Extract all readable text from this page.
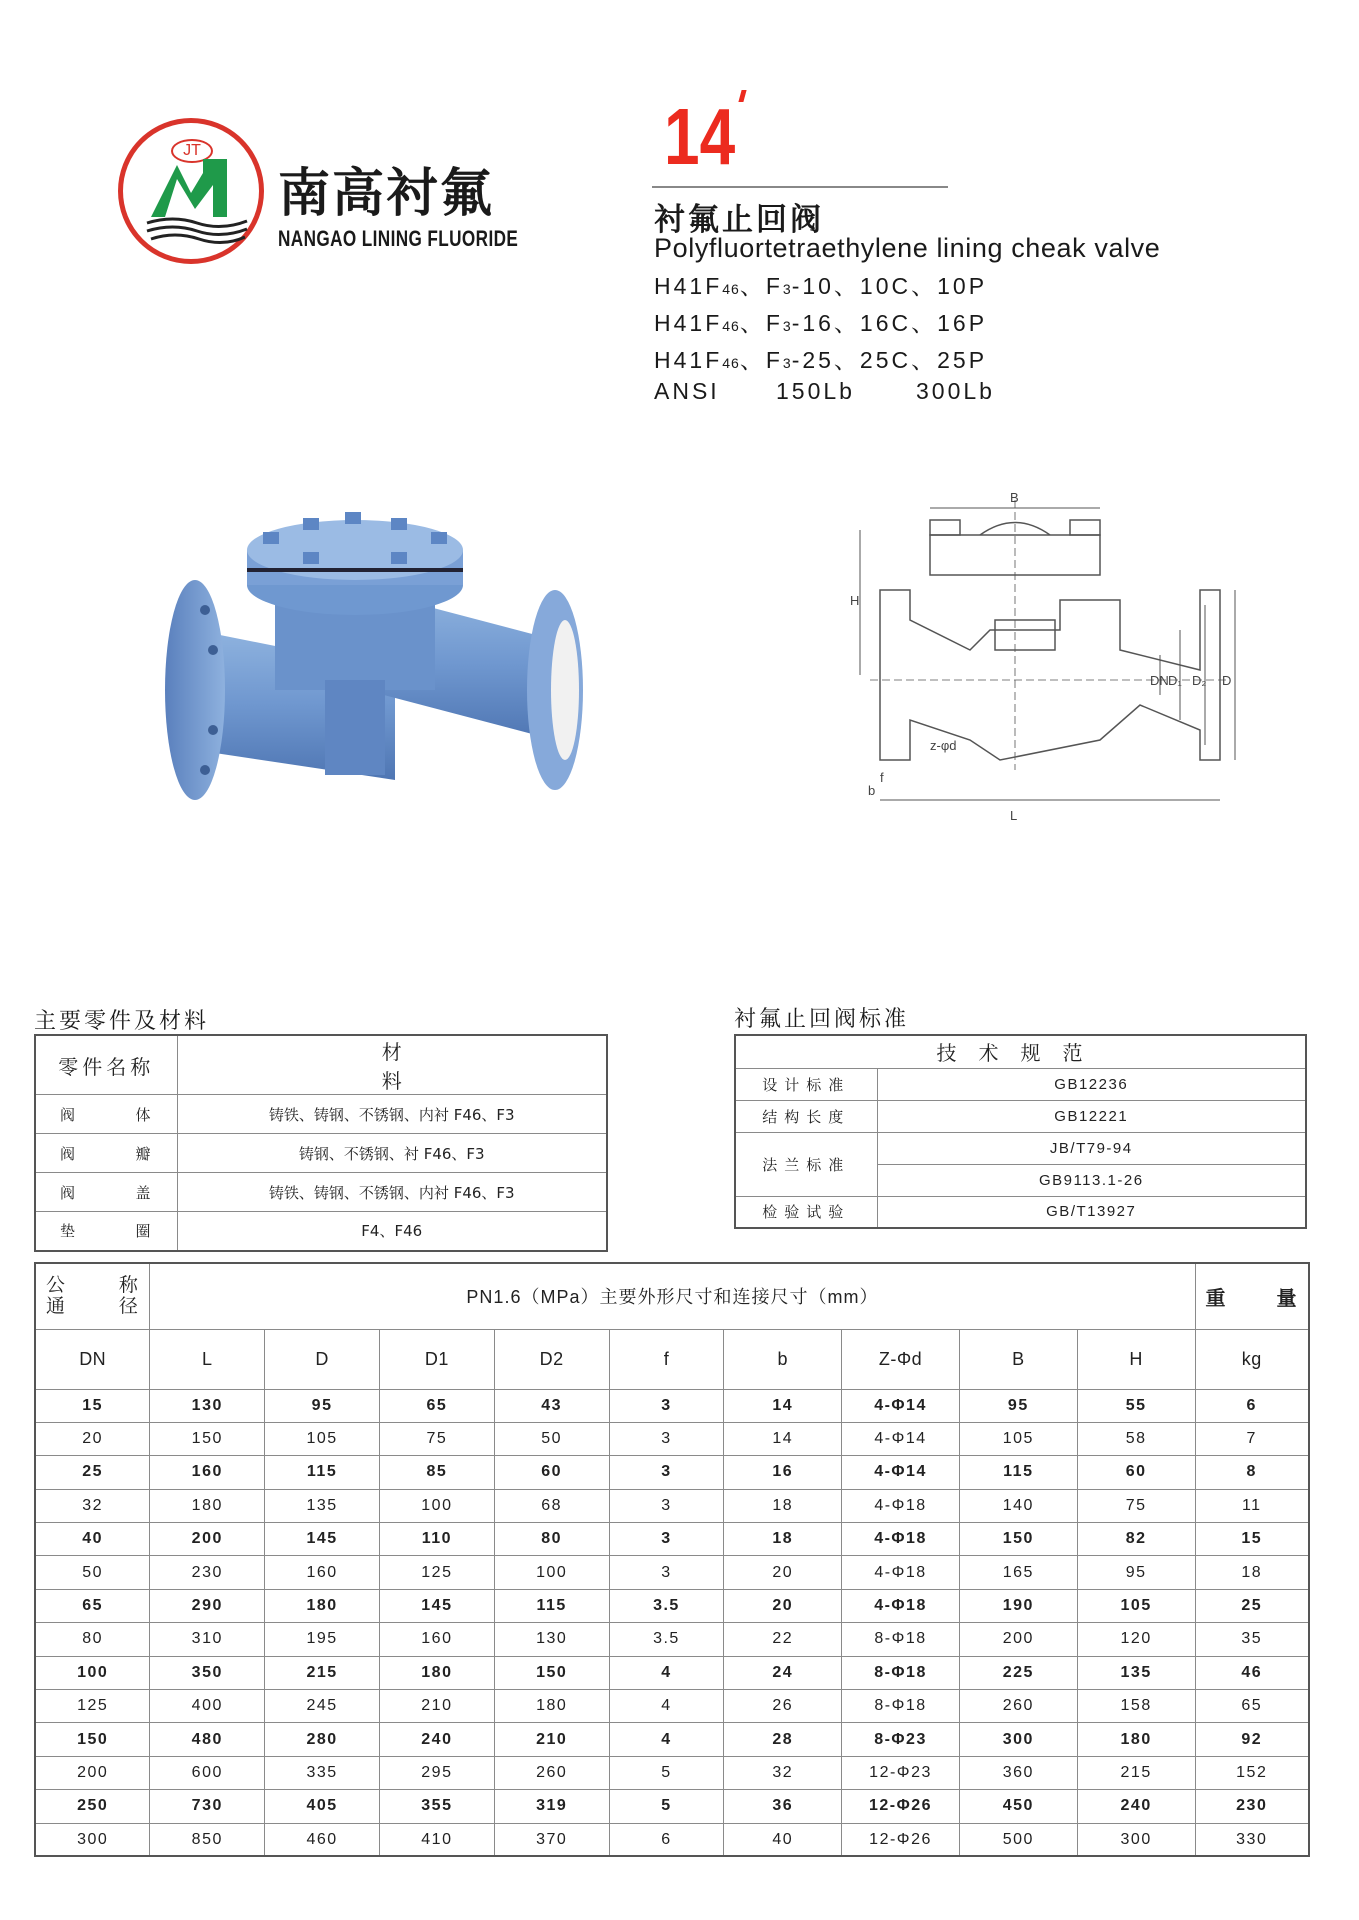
JT
南高衬氟
NANGAO LINING FLUORIDE
14
衬氟止回阀
Polyfluortetraethylene lining cheak valve
H41F46、F3-10、10C、10P
H41F46、F3-16、16C、16P
H41F46、F3-25、25C、25P
ANSI 150Lb	300Lb
B
H
L
DN D₁ D₂ D
z-φd
f
b
主要零件及材料
零件名称	材料

阀 体	铸铁、铸钢、不锈钢、内衬 F46、F3

阀 瓣	铸钢、不锈钢、衬 F46、F3

阀 盖	铸铁、铸钢、不锈钢、内衬 F46、F3

垫 圈	F4、F46
衬氟止回阀标准
技术规范	
设计标准	GB12236
结构长度	GB12221
法兰标准	JB/T79-94
	GB9113.1-26
检验试验	GB/T13927
公	称
通	径	PN1.6（MPa）主要外形尺寸和连接尺寸（mm）	重 量

DN	L	D	D1	D2	f	b	Z-Φd	B	H	kg
15	130	95	65	43	3	14	4-Φ14	95	55	6
20	150	105	75	50	3	14	4-Φ14	105	58	7
25	160	115	85	60	3	16	4-Φ14	115	60	8
32	180	135	100	68	3	18	4-Φ18	140	75	11
40	200	145	110	80	3	18	4-Φ18	150	82	15
50	230	160	125	100	3	20	4-Φ18	165	95	18
65	290	180	145	115	3.5	20	4-Φ18	190	105	25
80	310	195	160	130	3.5	22	8-Φ18	200	120	35
100	350	215	180	150	4	24	8-Φ18	225	135	46
125	400	245	210	180	4	26	8-Φ18	260	158	65
150	480	280	240	210	4	28	8-Φ23	300	180	92
200	600	335	295	260	5	32	12-Φ23	360	215	152
250	730	405	355	319	5	36	12-Φ26	450	240	230
300	850	460	410	370	6	40	12-Φ26	500	300	330
